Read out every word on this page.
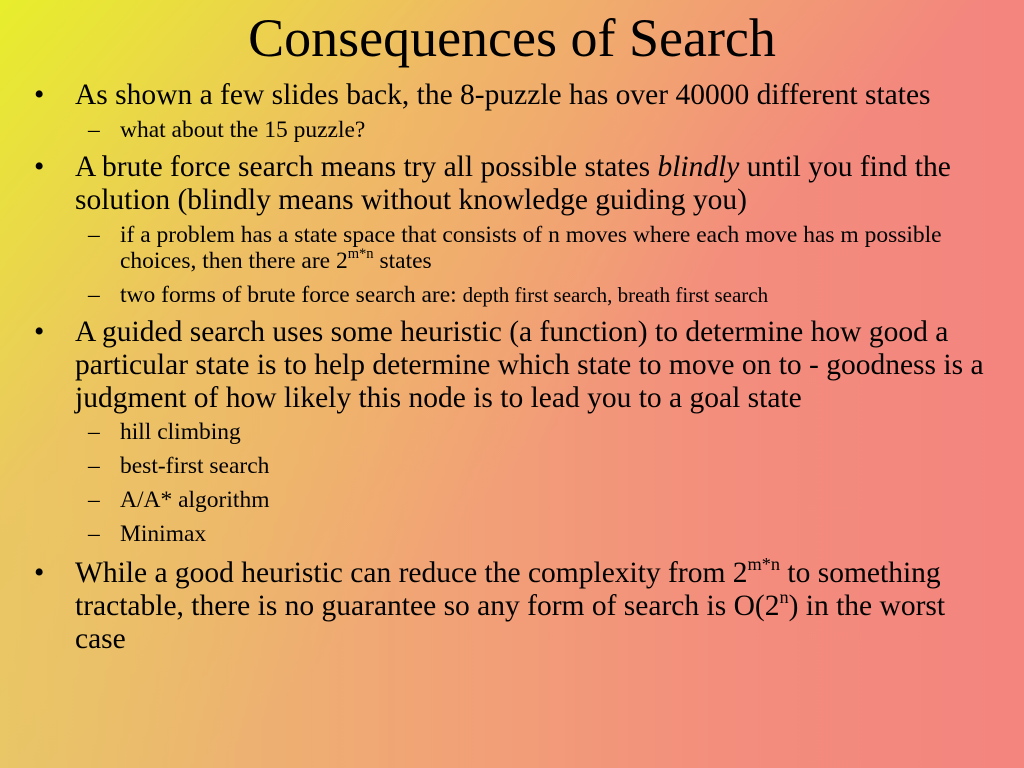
Consequences of Search
• As shown a few slides back, the 8-puzzle has over 40000 different states
– what about the 15 puzzle?
• A brute force search means try all possible states blindly until you find the solution (blindly means without knowledge guiding you)
– if a problem has a state space that consists of n moves where each move has m possible choices, then there are $2^{m*n}$ states
– two forms of brute force search are: depth first search, breath first search
• A guided search uses some heuristic (a function) to determine how good a particular state is to help determine which state to move on to - goodness is a judgment of how likely this node is to lead you to a goal state
– hill climbing
– best-first search
– A/A* algorithm
– Minimax
• While a good heuristic can reduce the complexity from $2^{m*n}$ to something tractable, there is no guarantee so any form of search is O(2$^n$) in the worst case
